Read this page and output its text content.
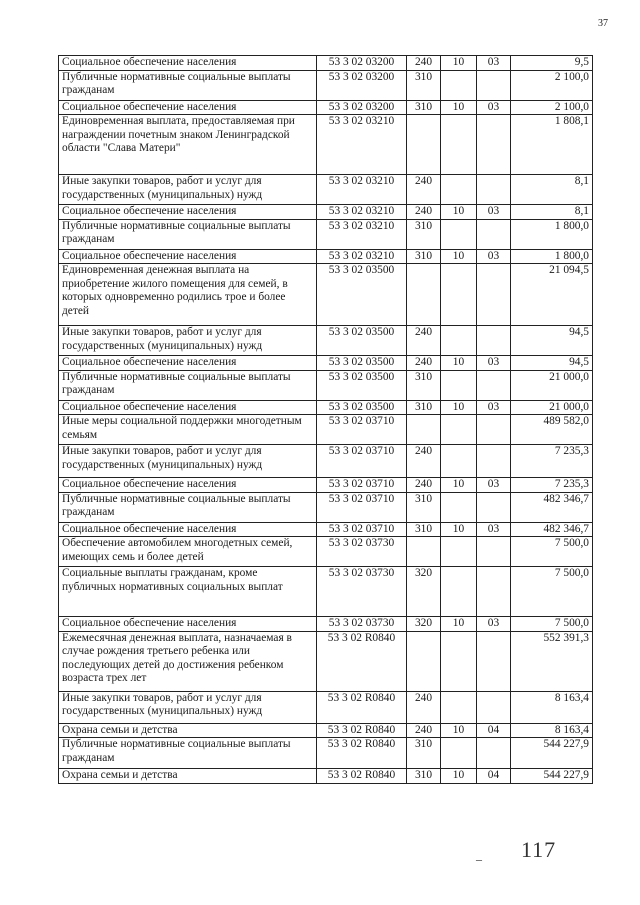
37
Социальное обеспечение населения	53 3 02 03200	240	10	03	9,5
Публичные нормативные социальные выплаты гражданам	53 3 02 03200	310			2 100,0
Социальное обеспечение населения	53 3 02 03200	310	10	03	2 100,0
Единовременная выплата, предоставляемая при награждении почетным знаком Ленинградской области "Слава Матери"	53 3 02 03210				1 808,1
Иные закупки товаров, работ и услуг для государственных (муниципальных) нужд	53 3 02 03210	240			8,1
Социальное обеспечение населения	53 3 02 03210	240	10	03	8,1
Публичные нормативные социальные выплаты гражданам	53 3 02 03210	310			1 800,0
Социальное обеспечение населения	53 3 02 03210	310	10	03	1 800,0
Единовременная денежная выплата на приобретение жилого помещения для семей, в которых одновременно родились трое и более детей	53 3 02 03500				21 094,5
Иные закупки товаров, работ и услуг для государственных (муниципальных) нужд	53 3 02 03500	240			94,5
Социальное обеспечение населения	53 3 02 03500	240	10	03	94,5
Публичные нормативные социальные выплаты гражданам	53 3 02 03500	310			21 000,0
Социальное обеспечение населения	53 3 02 03500	310	10	03	21 000,0
Иные меры социальной поддержки многодетным семьям	53 3 02 03710				489 582,0
Иные закупки товаров, работ и услуг для государственных (муниципальных) нужд	53 3 02 03710	240			7 235,3
Социальное обеспечение населения	53 3 02 03710	240	10	03	7 235,3
Публичные нормативные социальные выплаты гражданам	53 3 02 03710	310			482 346,7
Социальное обеспечение населения	53 3 02 03710	310	10	03	482 346,7
Обеспечение автомобилем многодетных семей, имеющих семь и более детей	53 3 02 03730				7 500,0
Социальные выплаты гражданам, кроме публичных нормативных социальных выплат	53 3 02 03730	320			7 500,0
Социальное обеспечение населения	53 3 02 03730	320	10	03	7 500,0
Ежемесячная денежная выплата, назначаемая в случае рождения третьего ребенка или последующих детей до достижения ребенком возраста трех лет	53 3 02 R0840				552 391,3
Иные закупки товаров, работ и услуг для государственных (муниципальных) нужд	53 3 02 R0840	240			8 163,4
Охрана семьи и детства	53 3 02 R0840	240	10	04	8 163,4
Публичные нормативные социальные выплаты гражданам	53 3 02 R0840	310			544 227,9
Охрана семьи и детства	53 3 02 R0840	310	10	04	544 227,9
– 117
